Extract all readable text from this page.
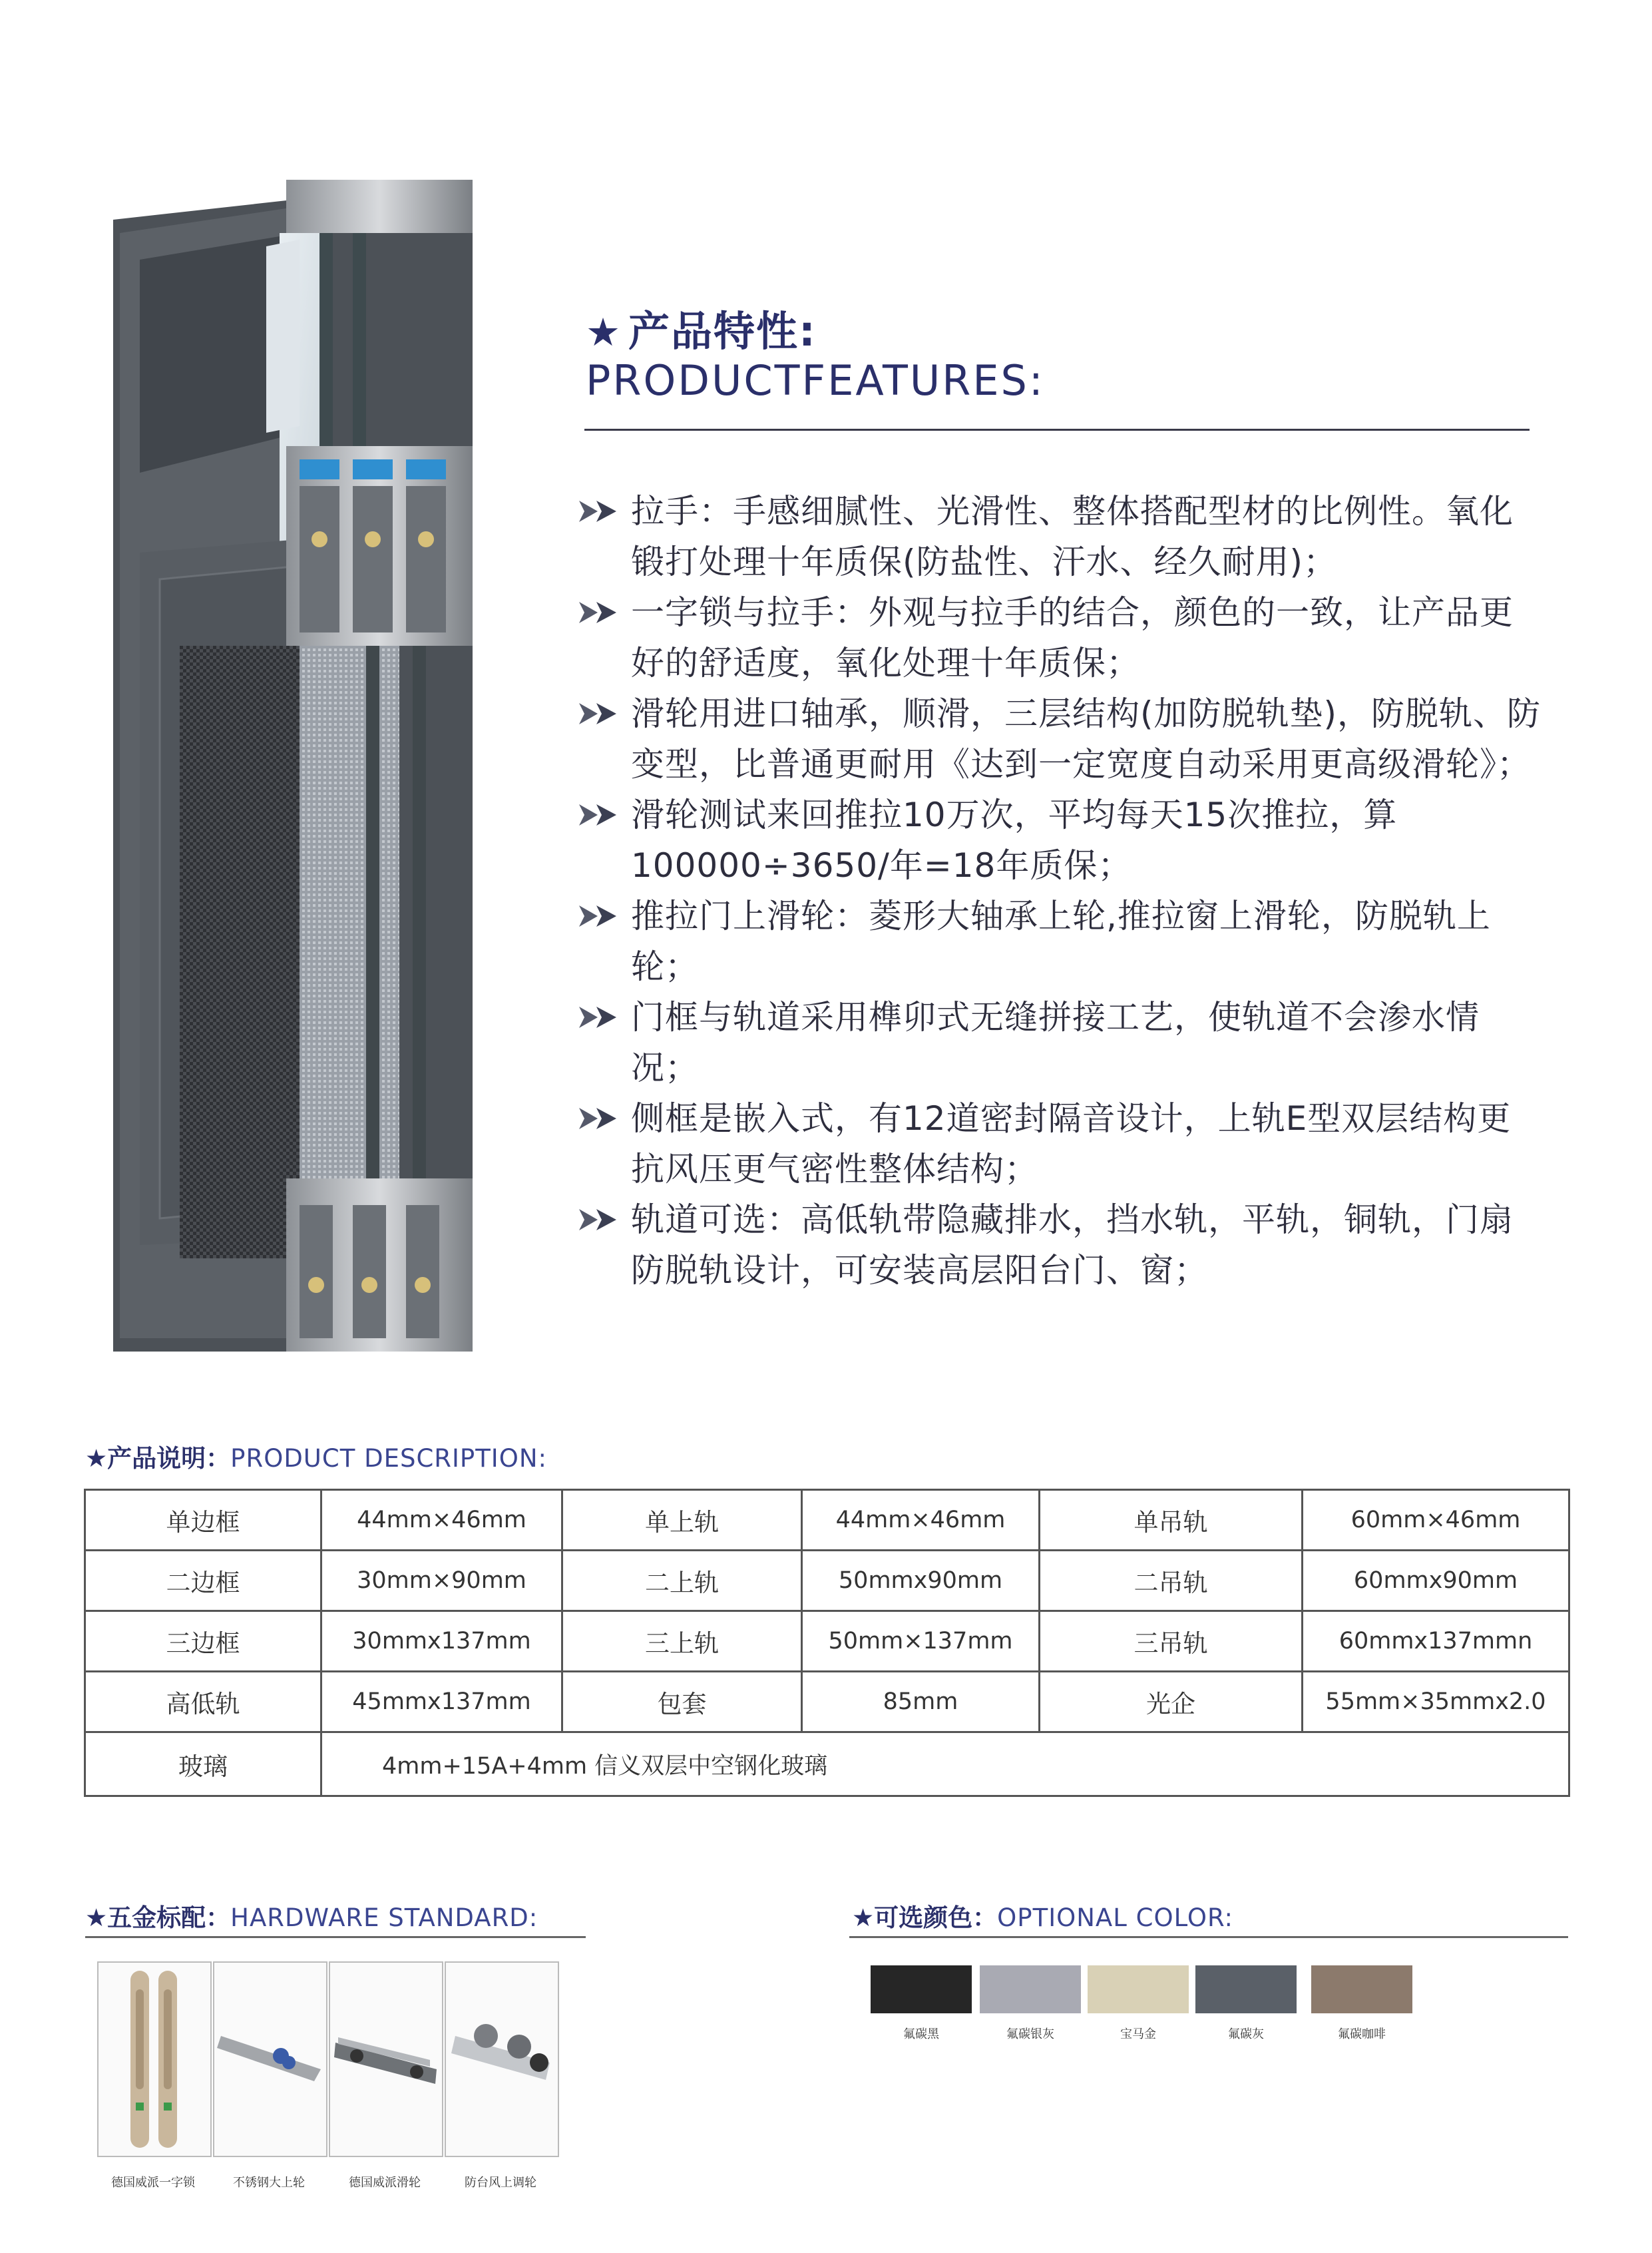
★ 产品特性:
PRODUCTFEATURES:
拉手：手感细腻性、光滑性、整体搭配型材的比例性。氧化锻打处理十年质保(防盐性、汗水、经久耐用)；
一字锁与拉手：外观与拉手的结合，颜色的一致，让产品更好的舒适度，氧化处理十年质保；
滑轮用进口轴承，顺滑，三层结构(加防脱轨垫)，防脱轨、防变型，比普通更耐用《达到一定宽度自动采用更高级滑轮》；
滑轮测试来回推拉10万次，平均每天15次推拉，算100000÷3650/年=18年质保；
推拉门上滑轮：菱形大轴承上轮,推拉窗上滑轮，防脱轨上轮；
门框与轨道采用榫卯式无缝拼接工艺，使轨道不会渗水情况；
侧框是嵌入式，有12道密封隔音设计，上轨E型双层结构更抗风压更气密性整体结构；
轨道可选：高低轨带隐藏排水，挡水轨，平轨，铜轨，门扇防脱轨设计，可安装高层阳台门、窗；
★产品说明：PRODUCT DESCRIPTION:
单边框	44mm×46mm	单上轨	44mm×46mm	单吊轨	60mm×46mm
二边框	30mm×90mm	二上轨	50mmx90mm	二吊轨	60mmx90mm
三边框	30mmx137mm	三上轨	50mm×137mm	三吊轨	60mmx137mmn
高低轨	45mmx137mm	包套	85mm	光企	55mm×35mmx2.0
玻璃	4mm+15A+4mm 信义双层中空钢化玻璃				
★五金标配：HARDWARE STANDARD:
德国威派一字锁	不锈钢大上轮	德国威派滑轮	防台风上调轮
★可选颜色：OPTIONAL COLOR:
氟碳黑	氟碳银灰	宝马金	氟碳灰	氟碳咖啡
